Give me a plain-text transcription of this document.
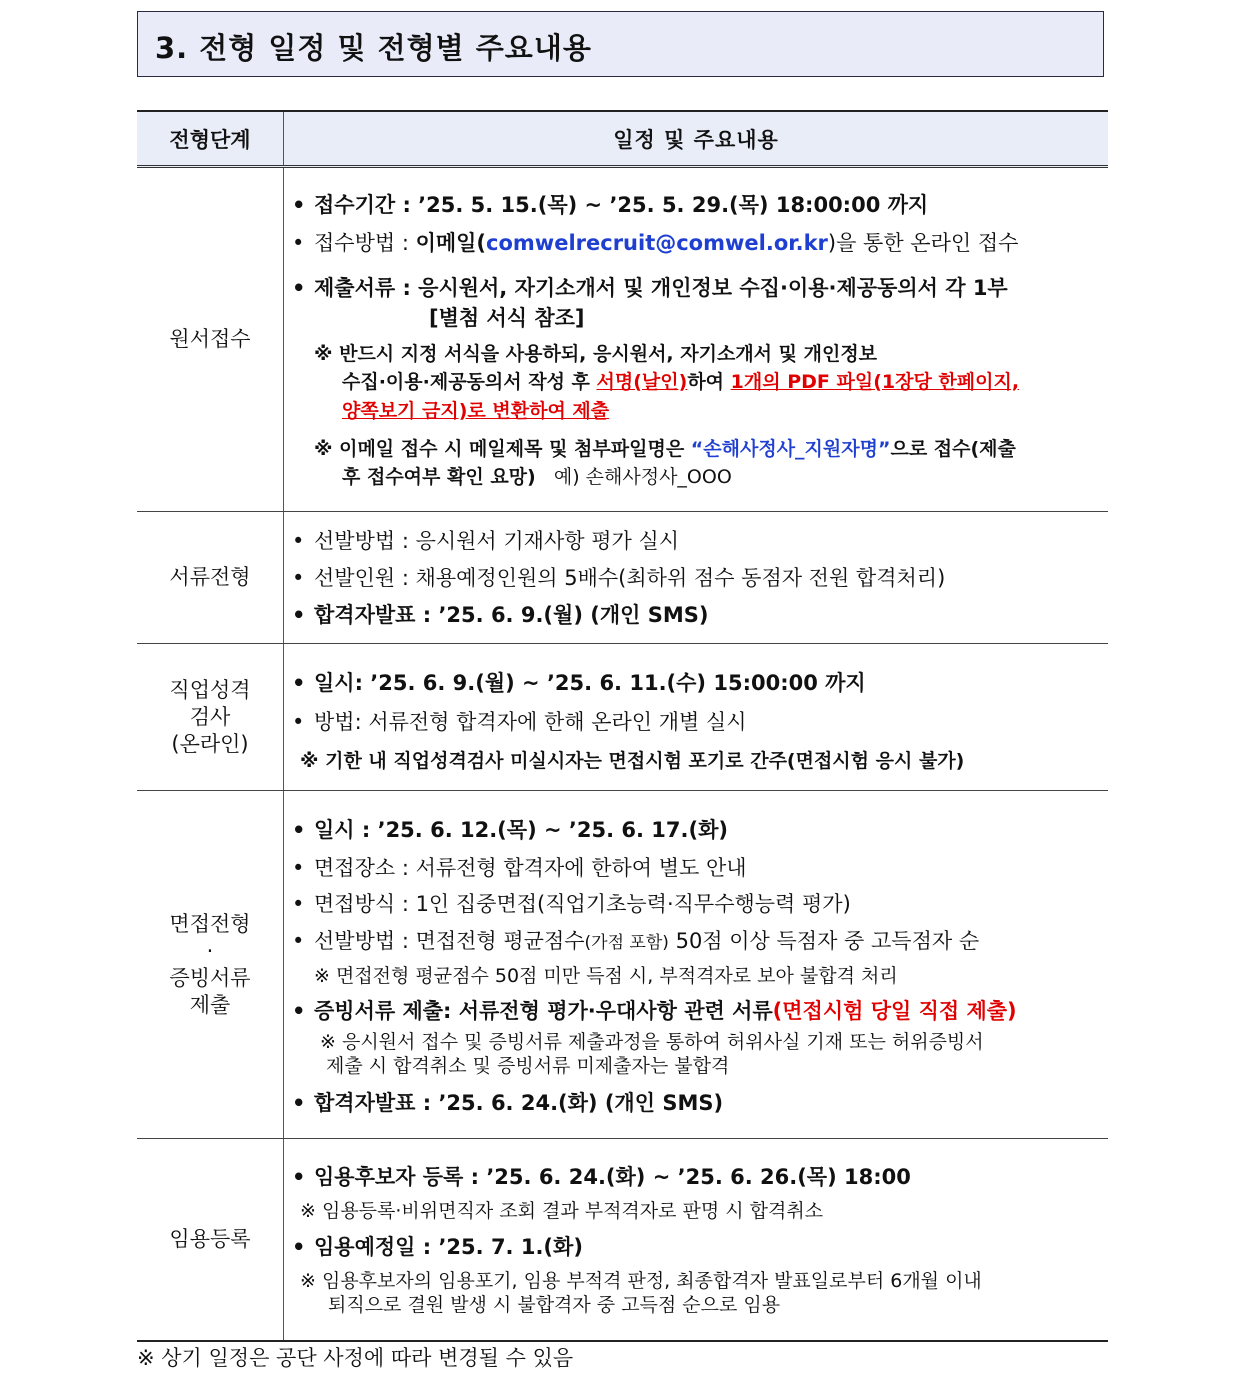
3. 전형 일정 및 전형별 주요내용
전형단계	일정 및 주요내용
원서접수
• 접수기간 : ’25. 5. 15.(목) ~ ’25. 5. 29.(목) 18:00:00 까지
• 접수방법 : 이메일(comwelrecruit@comwel.or.kr)을 통한 온라인 접수
• 제출서류 : 응시원서, 자기소개서 및 개인정보 수집·이용·제공동의서 각 1부
[별첨 서식 참조]
※ 반드시 지정 서식을 사용하되, 응시원서, 자기소개서 및 개인정보
수집·이용·제공동의서 작성 후 서명(날인)하여 1개의 PDF 파일(1장당 한페이지,
양쪽보기 금지)로 변환하여 제출
※ 이메일 접수 시 메일제목 및 첨부파일명은 “손해사정사_지원자명”으로 접수(제출
후 접수여부 확인 요망) 예) 손해사정사_OOO
서류전형
• 선발방법 : 응시원서 기재사항 평가 실시
• 선발인원 : 채용예정인원의 5배수(최하위 점수 동점자 전원 합격처리)
• 합격자발표 : ’25. 6. 9.(월) (개인 SMS)
직업성격
검사
(온라인)
• 일시: ’25. 6. 9.(월) ~ ’25. 6. 11.(수) 15:00:00 까지
• 방법: 서류전형 합격자에 한해 온라인 개별 실시
※ 기한 내 직업성격검사 미실시자는 면접시험 포기로 간주(면접시험 응시 불가)
면접전형
·
증빙서류
제출
• 일시 : ’25. 6. 12.(목) ~ ’25. 6. 17.(화)
• 면접장소 : 서류전형 합격자에 한하여 별도 안내
• 면접방식 : 1인 집중면접(직업기초능력·직무수행능력 평가)
• 선발방법 : 면접전형 평균점수(가점 포함) 50점 이상 득점자 중 고득점자 순
※ 면접전형 평균점수 50점 미만 득점 시, 부적격자로 보아 불합격 처리
• 증빙서류 제출: 서류전형 평가·우대사항 관련 서류(면접시험 당일 직접 제출)
※ 응시원서 접수 및 증빙서류 제출과정을 통하여 허위사실 기재 또는 허위증빙서
제출 시 합격취소 및 증빙서류 미제출자는 불합격
• 합격자발표 : ’25. 6. 24.(화) (개인 SMS)
임용등록
• 임용후보자 등록 : ’25. 6. 24.(화) ~ ’25. 6. 26.(목) 18:00
※ 임용등록·비위면직자 조회 결과 부적격자로 판명 시 합격취소
• 임용예정일 : ’25. 7. 1.(화)
※ 임용후보자의 임용포기, 임용 부적격 판정, 최종합격자 발표일로부터 6개월 이내
퇴직으로 결원 발생 시 불합격자 중 고득점 순으로 임용
※ 상기 일정은 공단 사정에 따라 변경될 수 있음
